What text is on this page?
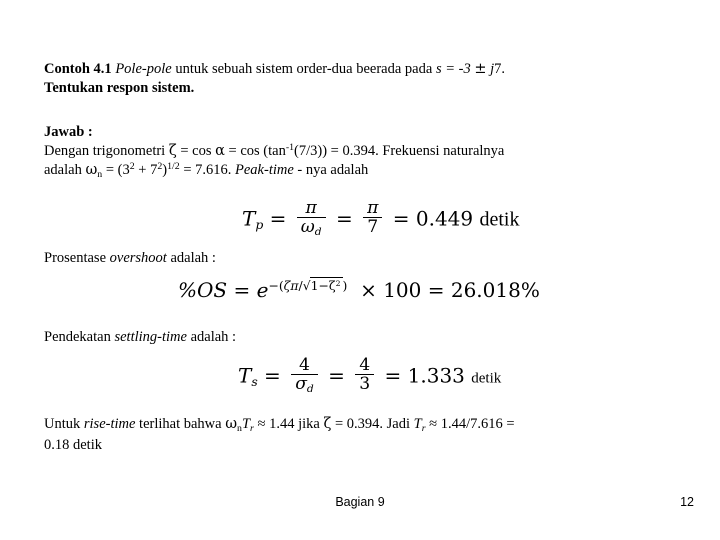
Contoh 4.1 Pole-pole untuk sebuah sistem order-dua beerada pada s = -3 ± j7.
Tentukan respon sistem.
Jawab :
Dengan trigonometri $\zeta = \cos \alpha = \cos (\tan^{-1}(7/3)) = 0.394$. Frekuensi naturalnya
adalah $\omega_n = (3^2 + 7^2)^{1/2} = 7.616$. Peak-time - nya adalah
$T_p = \frac{\pi}{\omega_d} = \frac{\pi}{7} = 0.449$ detik
Prosentase overshoot adalah :
$\%OS = e^{-(\zeta\pi/√1-\zeta^2 )} \times 100 = 26.018\%$
Pendekatan settling-time adalah :
$T_s = \frac{4}{\sigma_d} = \frac{4}{3} = 1.333$ detik
Untuk rise-time terlihat bahwa $\omega_nT_r \approx 1.44$ jika ζ = 0.394. Jadi $T_r \approx 1.44/7.616$ =
0.18 detik
Bagian 9	12
